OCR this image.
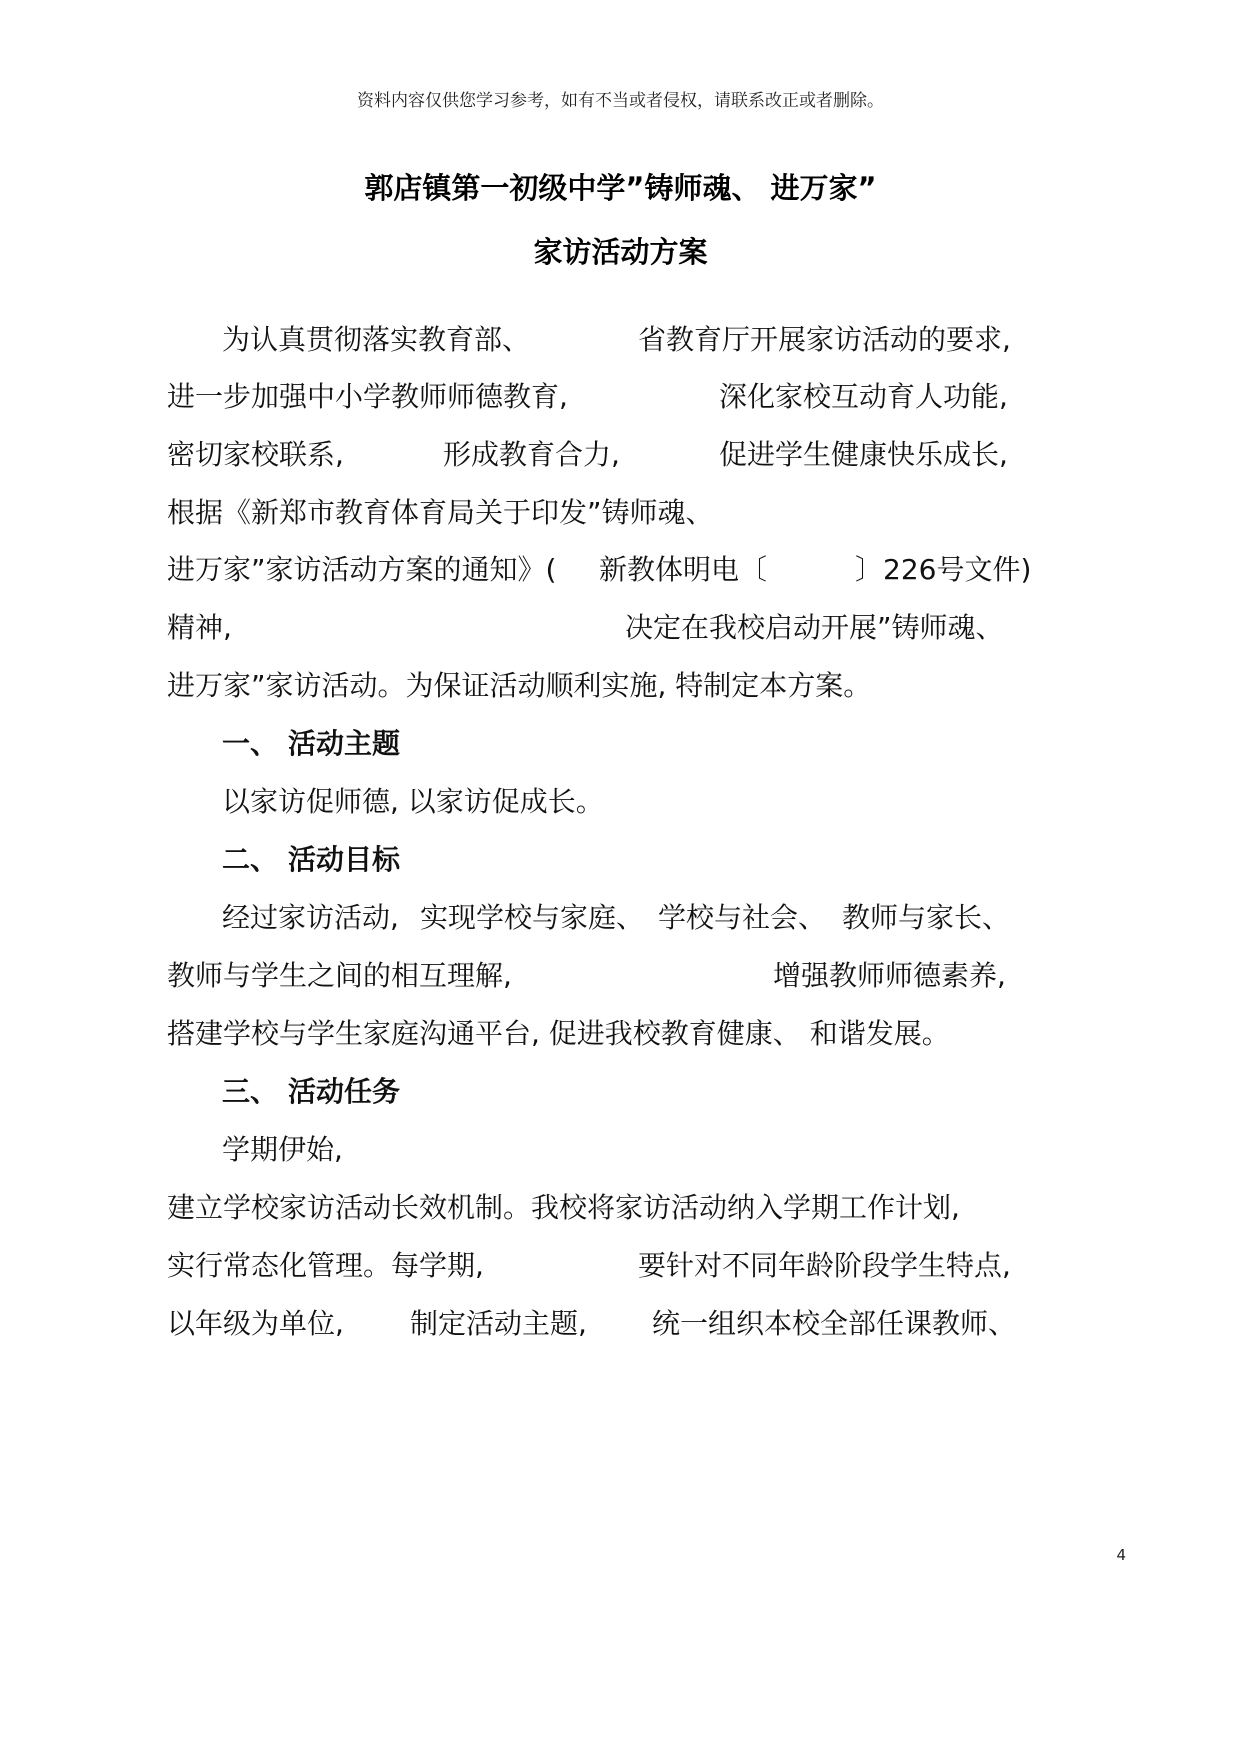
资料内容仅供您学习参考，如有不当或者侵权，请联系改正或者删除。
郭店镇第一初级中学”铸师魂、 进万家”
家访活动方案
为认真贯彻落实教育部、	省教育厅开展家访活动的要求,
进一步加强中小学教师师德教育,	深化家校互动育人功能,
密切家校联系,	形成教育合力,	促进学生健康快乐成长,
根据《新郑市教育体育局关于印发”铸师魂、
进万家”家访活动方案的通知》( 新教体明电〔	〕226号文件)
精神,	决定在我校启动开展”铸师魂、
进万家”家访活动。为保证活动顺利实施, 特制定本方案。
一、 活动主题
以家访促师德, 以家访促成长。
二、 活动目标
经过家访活动, 实现学校与家庭、 学校与社会、 教师与家长、
教师与学生之间的相互理解,	增强教师师德素养,
搭建学校与学生家庭沟通平台, 促进我校教育健康、 和谐发展。
三、 活动任务
学期伊始,
建立学校家访活动长效机制。我校将家访活动纳入学期工作计划,
实行常态化管理。每学期,	要针对不同年龄阶段学生特点,
以年级为单位, 制定活动主题, 统一组织本校全部任课教师、
4
